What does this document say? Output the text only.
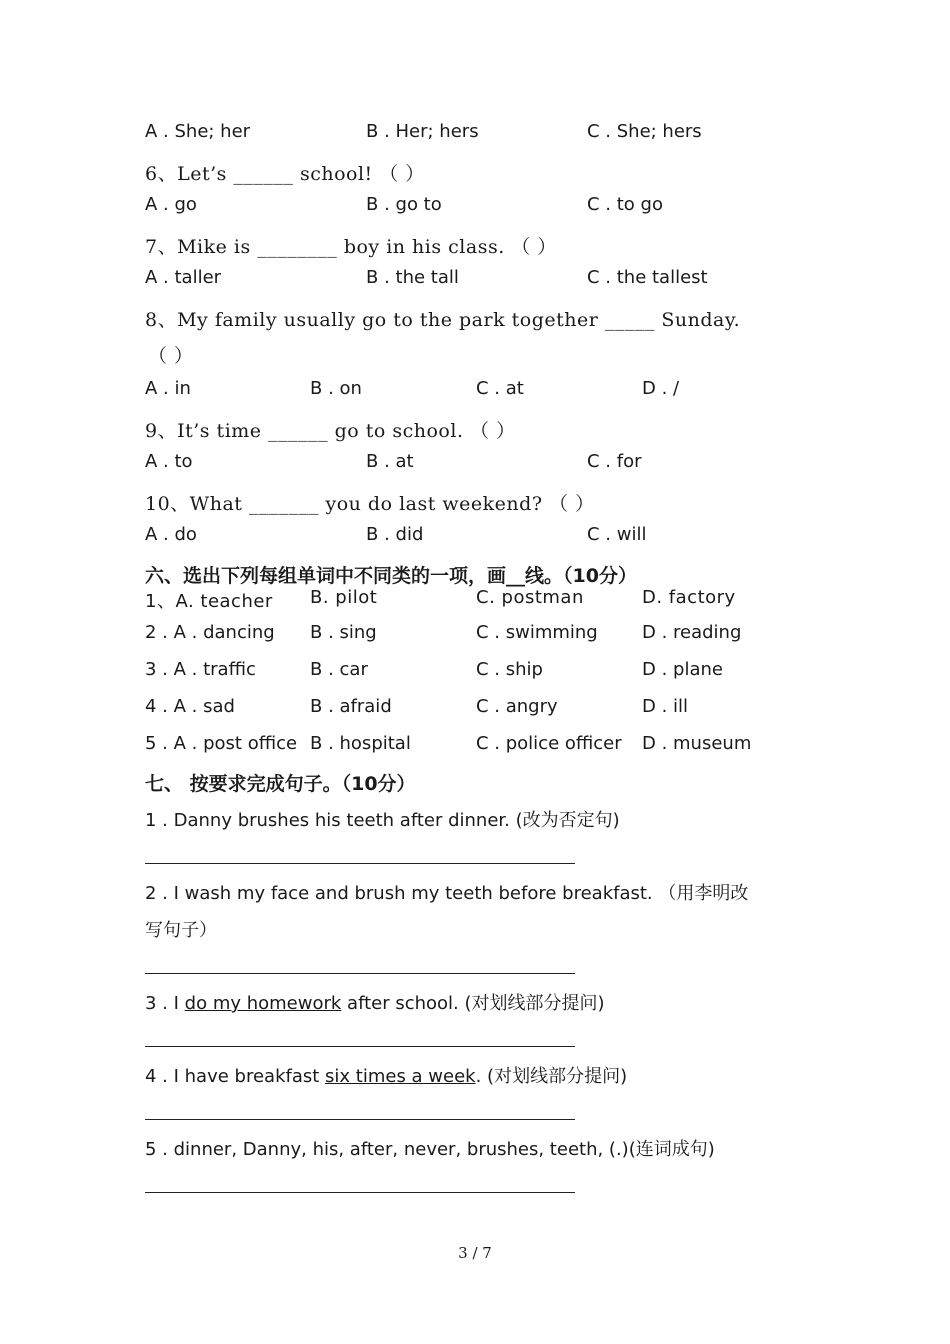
A . She; her	B . Her; hers	C . She; hers
6、Let’s ______ school! （ ）
A . go	B . go to	C . to go
7、Mike is ________ boy in his class. （ ）
A . taller	B . the tall	C . the tallest
8、My family usually go to the park together _____ Sunday.
（ ）
A . in	B . on	C . at	D . /
9、It’s time ______ go to school. （ ）
A . to	B . at	C . for
10、What _______ you do last weekend? （ ）
A . do	B . did	C . will
六、选出下列每组单词中不同类的一项，画__线。（10分）
1、A. teacher B. pilot	C. postman	D. factory
2 . A . dancing B . sing	C . swimming D . reading
3 . A . traffic	B . car	C . ship	D . plane
4 . A . sad	B . afraid	C . angry	D . ill
5 . A . post office B . hospital	C . police officer D . museum
七、 按要求完成句子。（10分）
1 . Danny brushes his teeth after dinner. (改为否定句)
2 . I wash my face and brush my teeth before breakfast. （用李明改
写句子）
3 . I do my homework after school. (对划线部分提问)
4 . I have breakfast six times a week. (对划线部分提问)
5 . dinner, Danny, his, after, never, brushes, teeth, (.)(连词成句)
3 / 7
